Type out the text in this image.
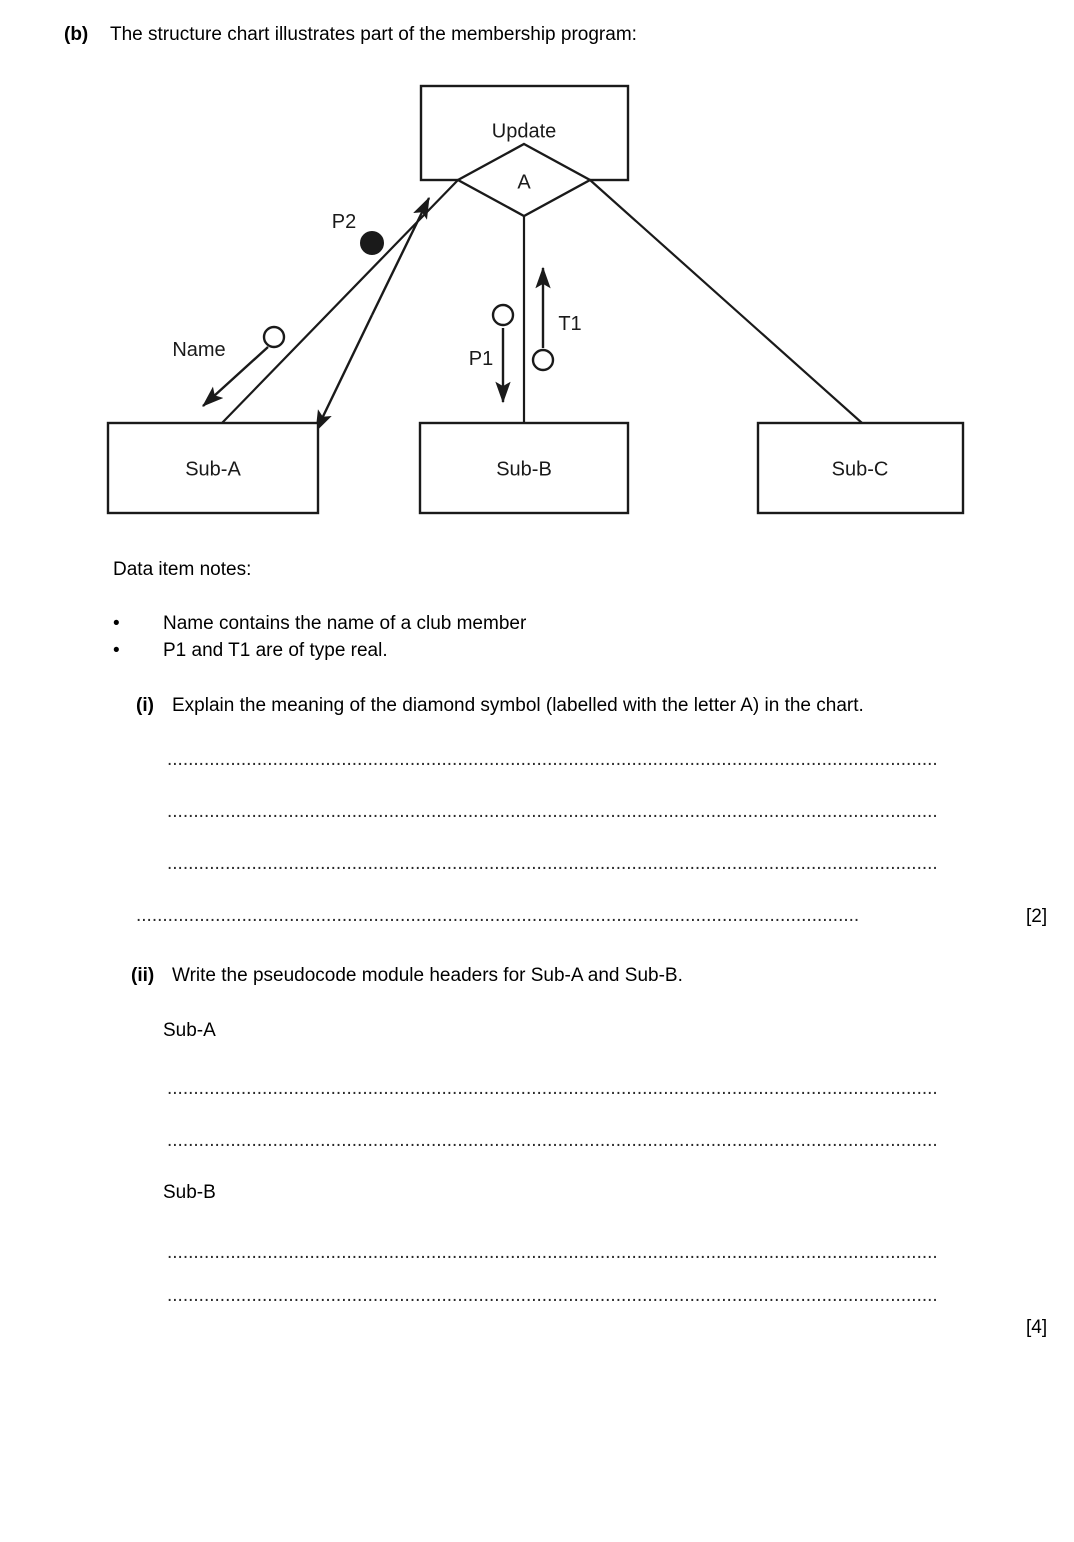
(b)	The structure chart illustrates part of the membership program:
Update
A
P2
Name	P1
T1
Sub-A	Sub-B	Sub-C
Data item notes:
•	Name contains the name of a club member
•	P1 and T1 are of type real.
(i) Explain the meaning of the diamond symbol (labelled with the letter A) in the chart.
..................................................................................................................................................
..................................................................................................................................................
..................................................................................................................................................
.........................................................................................................................................	[2]
(ii) Write the pseudocode module headers for Sub-A and Sub-B.
Sub-A
..................................................................................................................................................
..................................................................................................................................................
Sub-B
..................................................................................................................................................
..................................................................................................................................................
[4]
